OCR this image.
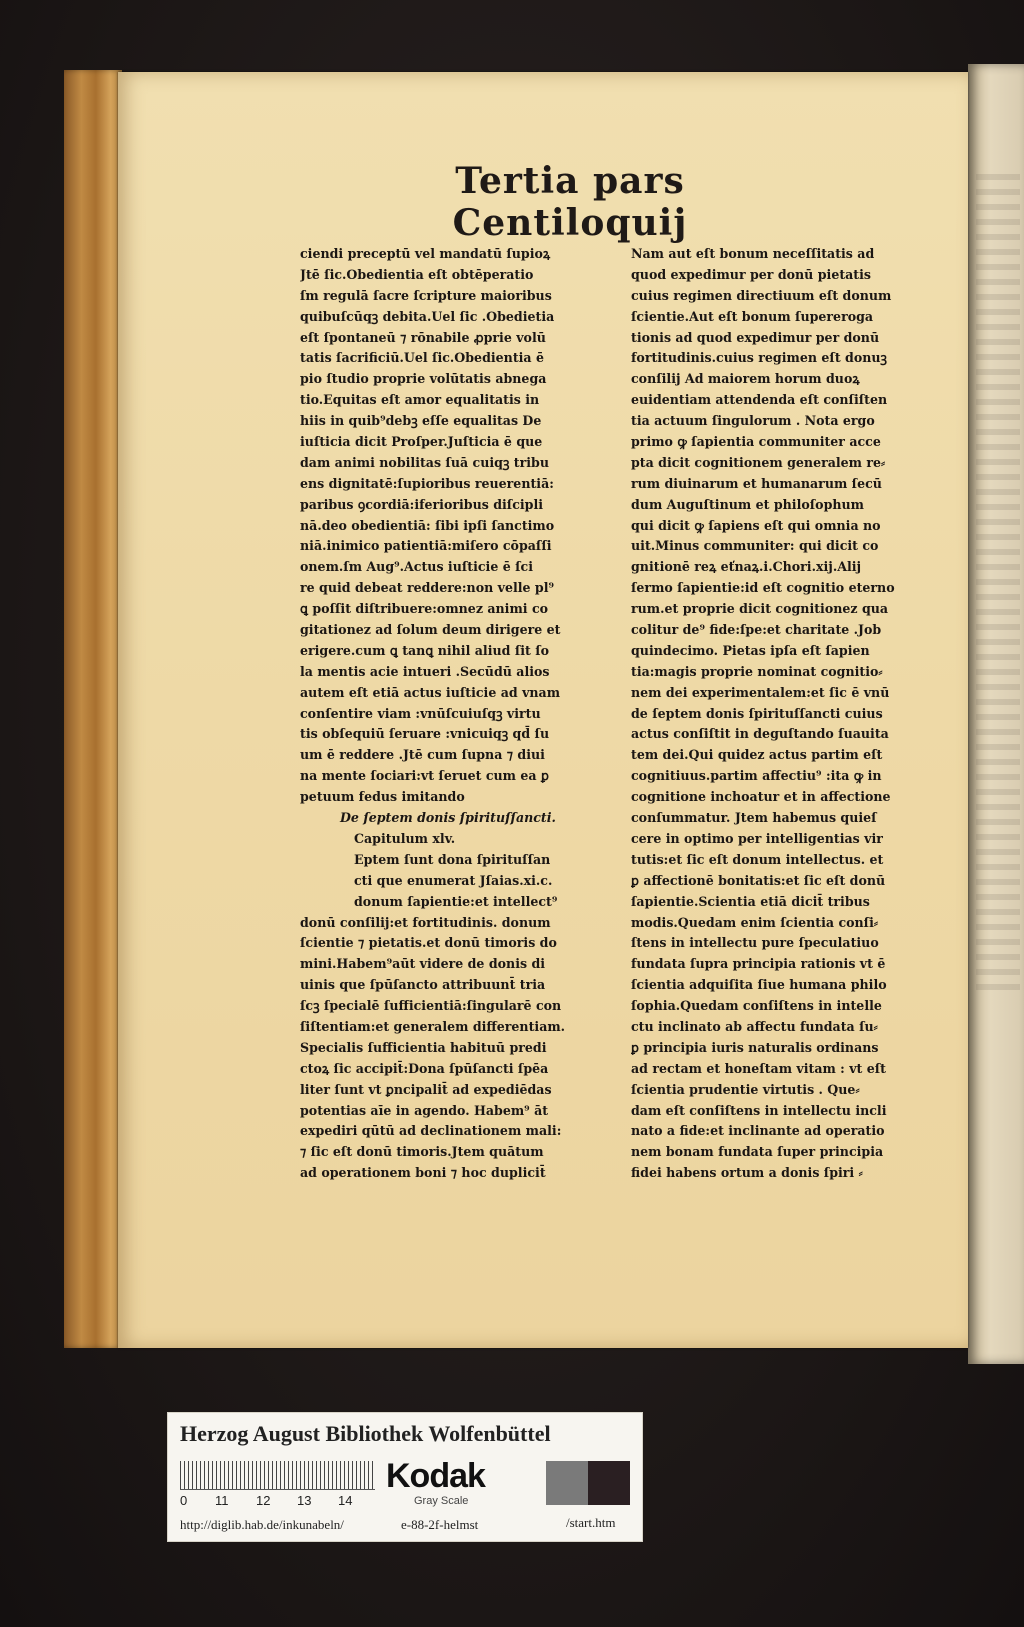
Tertia pars Centiloquij
ciendi preceptū vel mandatū ſupioꝝ
Jtē ſic.Obedientia eſt obtēperatio
ſm regulā ſacre ſcripture maioribus
quibuſcūqꝫ debita.Uel ſic .Obedietia
eſt ſpontaneū ⁊ rōnabile ꝓprie volū
tatis ſacrificiū.Uel ſic.Obedientia ē
pio ſtudio proprie volūtatis abnega
tio.Equitas eſt amor equalitatis in
hiis in quib⁹debꝫ eſſe equalitas De
iuſticia dicit Proſper.Juſticia ē que
dam animi nobilitas ſuā cuiqꝫ tribu
ens dignitatē:ſupioribus reuerentiā:
paribus ꝯcordiā:iferioribus diſcipli
nā.deo obedientiā: ſibi ipſi ſanctimo
niā.inimico patientiā:miſero cōpaſſi
onem.ſm Aug⁹.Actus iuſticie ē ſci
re quid debeat reddere:non velle pl⁹
ꝗ poſſit diſtribuere:omnez animi co
gitationez ad ſolum deum dirigere et
erigere.cum ꝗ tanꝗ nihil aliud ſit ſo
la mentis acie intueri .Secūdū alios
autem eſt etiā actus iuſticie ad vnam
conſentire viam :vnūſcuiuſqꝫ virtu
tis obſequiū ſeruare :vnicuiqꝫ qd̄ ſu
um ē reddere .Jtē cum ſupna ⁊ diui
na mente ſociari:vt ſeruet cum ea ꝑ
petuum fedus imitando
De ſeptem donis ſpirituſſancti.
Capitulum xlv.
Eptem ſunt dona ſpirituſſan
cti que enumerat Jſaias.xi.c.
donum ſapientie:et intellect⁹
donū conſilij:et fortitudinis. donum
ſcientie ⁊ pietatis.et donū timoris do
mini.Habem⁹aūt videre de donis di
uinis que ſpūſancto attribuunt̄ tria
ſcꝫ ſpecialē ſufficientiā:ſingularē con
ſiſtentiam:et generalem differentiam.
Specialis ſufficientia habituū predi
ctoꝝ ſic accipit̄:Dona ſpūſancti ſpēa
liter ſunt vt ꝑncipalit̄ ad expediēdas
potentias aīe in agendo. Habem⁹ āt
expediri qūtū ad declinationem mali:
⁊ ſic eſt donū timoris.Jtem quātum
ad operationem boni ⁊ hoc duplicit̄
Nam aut eſt bonum neceſſitatis ad
quod expedimur per donū pietatis
cuius regimen directiuum eſt donum
ſcientie.Aut eſt bonum ſupereroga
tionis ad quod expedimur per donū
fortitudinis.cuius regimen eſt donuꝫ
conſilij Ad maiorem horum duoꝝ
euidentiam attendenda eſt conſiſten
tia actuum ſingulorum . Nota ergo
primo ꝙ ſapientia communiter acce
pta dicit cognitionem generalem re⸗
rum diuinarum et humanarum ſecū
dum Auguſtinum et philoſophum
qui dicit ꝙ ſapiens eſt qui omnia no
uit.Minus communiter: qui dicit co
gnitionē reꝝ eťnaꝝ.i.Chori.xij.Alij
ſermo ſapientie:id eſt cognitio eterno
rum.et proprie dicit cognitionez qua
colitur de⁹ fide:ſpe:et charitate .Job
quindecimo. Pietas ipſa eſt ſapien
tia:magis proprie nominat cognitio⸗
nem dei experimentalem:et ſic ē vnū
de ſeptem donis ſpirituſſancti cuius
actus conſiſtit in deguſtando ſuauita
tem dei.Qui quidez actus partim eſt
cognitiuus.partim affectiu⁹ :ita ꝙ in
cognitione inchoatur et in affectione
conſummatur. Jtem habemus quieſ
cere in optimo per intelligentias vir
tutis:et ſic eſt donum intellectus. et
ꝑ affectionē bonitatis:et ſic eſt donū
ſapientie.Scientia etiā dicit̄ tribus
modis.Quedam enim ſcientia conſi⸗
ſtens in intellectu pure ſpeculatiuo
fundata ſupra principia rationis vt ē
ſcientia adquiſita ſiue humana philo
ſophia.Quedam conſiſtens in intelle
ctu inclinato ab affectu fundata ſu⸗
ꝑ principia iuris naturalis ordinans
ad rectam et honeſtam vitam : vt eſt
ſcientia prudentie virtutis . Que⸗
dam eſt conſiſtens in intellectu incli
nato a fide:et inclinante ad operatio
nem bonam fundata ſuper principia
fidei habens ortum a donis ſpiri ⸗
Herzog August Bibliothek Wolfenbüttel
0 11 12 13 14
Kodak
Gray Scale
http://diglib.hab.de/inkunabeln/	e-88-2f-helmst	/start.htm
